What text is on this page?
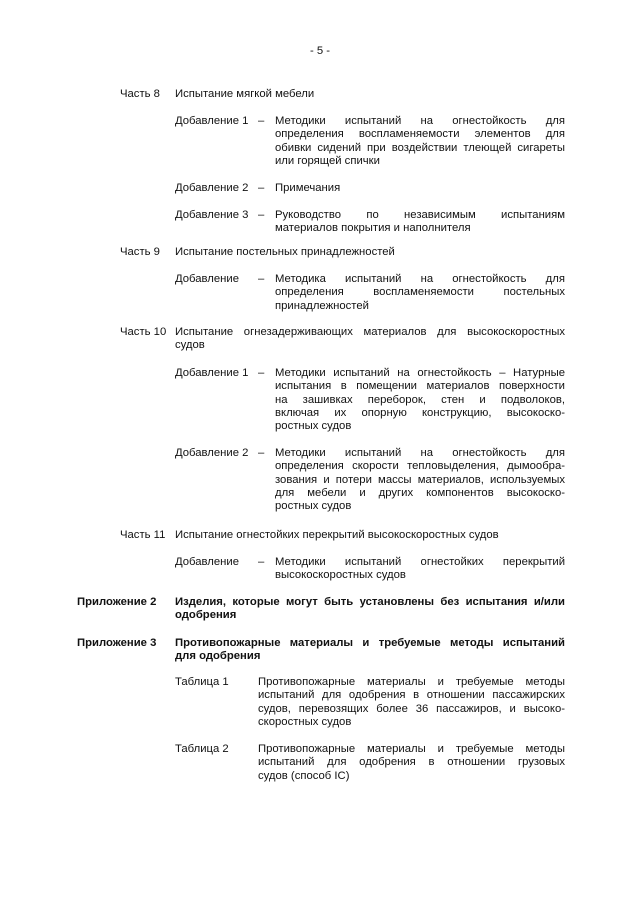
- 5 -
Часть 8 Испытание мягкой мебели
Добавление 1 – Методики испытаний на огнестойкость для
определения воспламеняемости элементов для
обивки сидений при воздействии тлеющей сигареты
или горящей спички
Добавление 2 – Примечания
Добавление 3 – Руководство по независимым испытаниям
материалов покрытия и наполнителя
Часть 9 Испытание постельных принадлежностей
Добавление – Методика испытаний на огнестойкость для
определения воспламеняемости постельных
принадлежностей
Часть 10 Испытание огнезадерживающих материалов для высокоскоростных
судов
Добавление 1 – Методики испытаний на огнестойкость – Натурные
испытания в помещении материалов поверхности
на зашивках переборок, стен и подволоков,
включая их опорную конструкцию, высокоско-
ростных судов
Добавление 2 – Методики испытаний на огнестойкость для
определения скорости тепловыделения, дымообра-
зования и потери массы материалов, используемых
для мебели и других компонентов высокоско-
ростных судов
Часть 11 Испытание огнестойких перекрытий высокоскоростных судов
Добавление – Методики испытаний огнестойких перекрытий
высокоскоростных судов
Приложение 2 Изделия, которые могут быть установлены без испытания и/или
одобрения
Приложение 3 Противопожарные материалы и требуемые методы испытаний
для одобрения
Таблица 1	Противопожарные материалы и требуемые методы
испытаний для одобрения в отношении пассажирских
судов, перевозящих более 36 пассажиров, и высоко-
скоростных судов
Таблица 2	Противопожарные материалы и требуемые методы
испытаний для одобрения в отношении грузовых
судов (способ IC)
